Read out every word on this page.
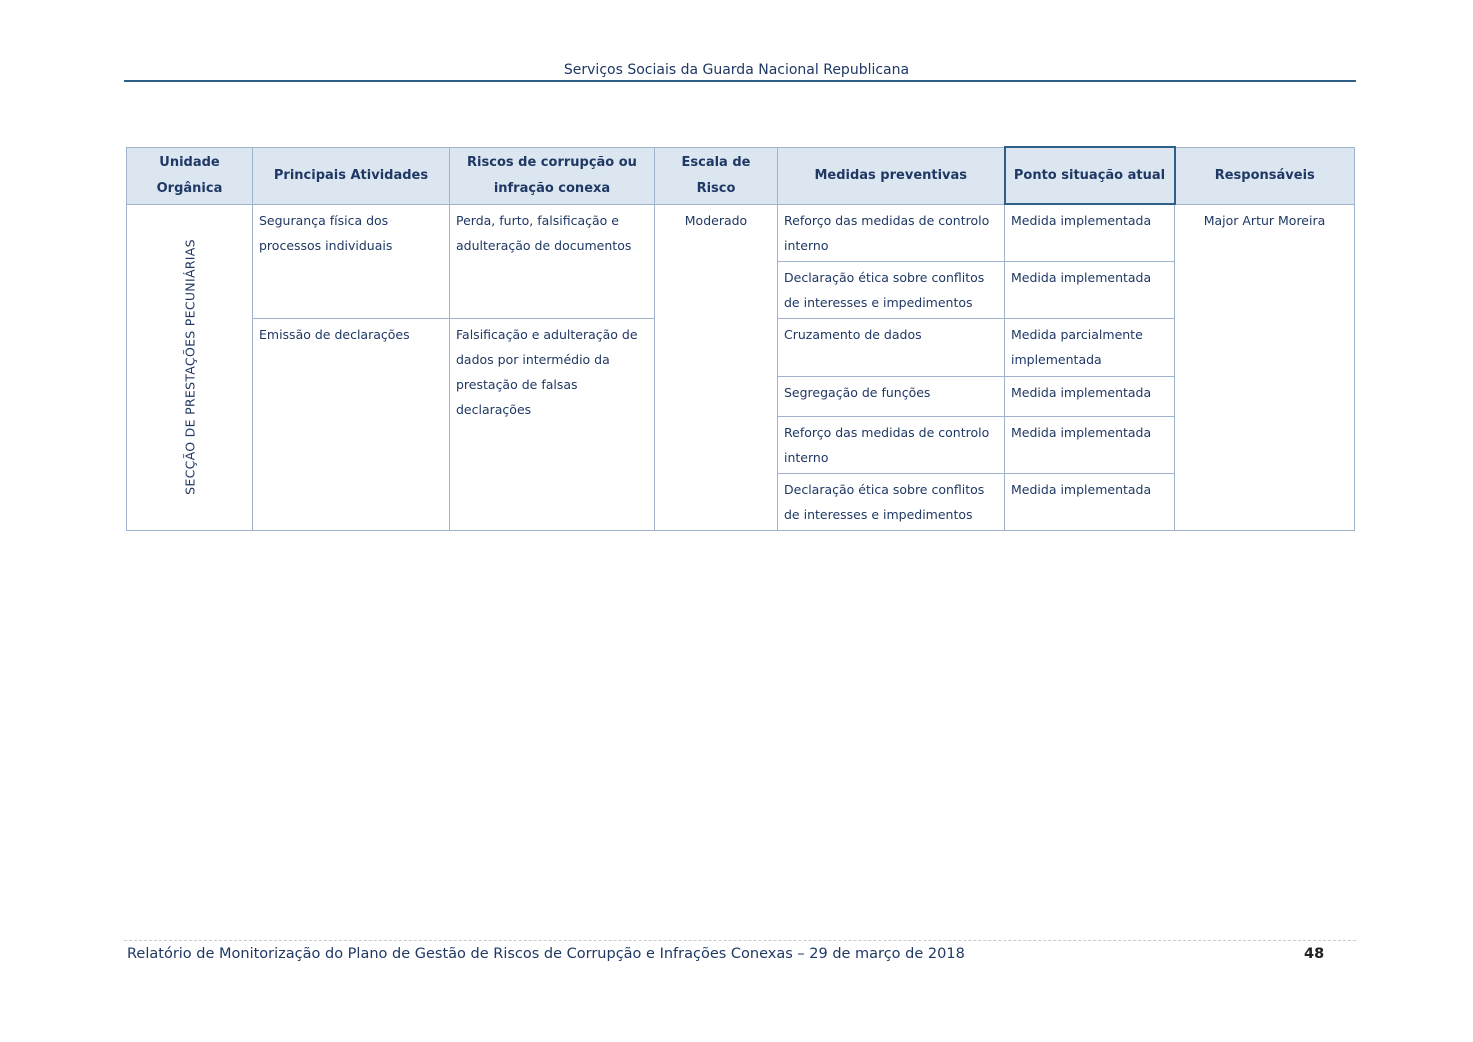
Serviços Sociais da Guarda Nacional Republicana
Unidade Orgânica	Principais Atividades	Riscos de corrupção ou infração conexa	Escala de Risco	Medidas preventivas	Ponto situação atual	Responsáveis

SECÇÃO DE PRESTAÇÕES PECUNIÁRIAS	Segurança física dos processos individuais	Perda, furto, falsificação e adulteração de documentos	Moderado	Reforço das medidas de controlo interno	Medida implementada	Major Artur Moreira
				Declaração ética sobre conflitos de interesses e impedimentos	Medida implementada	

	Emissão de declarações	Falsificação e adulteração de dados por intermédio da prestação de falsas declarações		Cruzamento de dados	Medida parcialmente implementada	
				Segregação de funções	Medida implementada	
				Reforço das medidas de controlo interno	Medida implementada	
				Declaração ética sobre conflitos de interesses e impedimentos	Medida implementada	
Relatório de Monitorização do Plano de Gestão de Riscos de Corrupção e Infrações Conexas – 29 de março de 2018	48
